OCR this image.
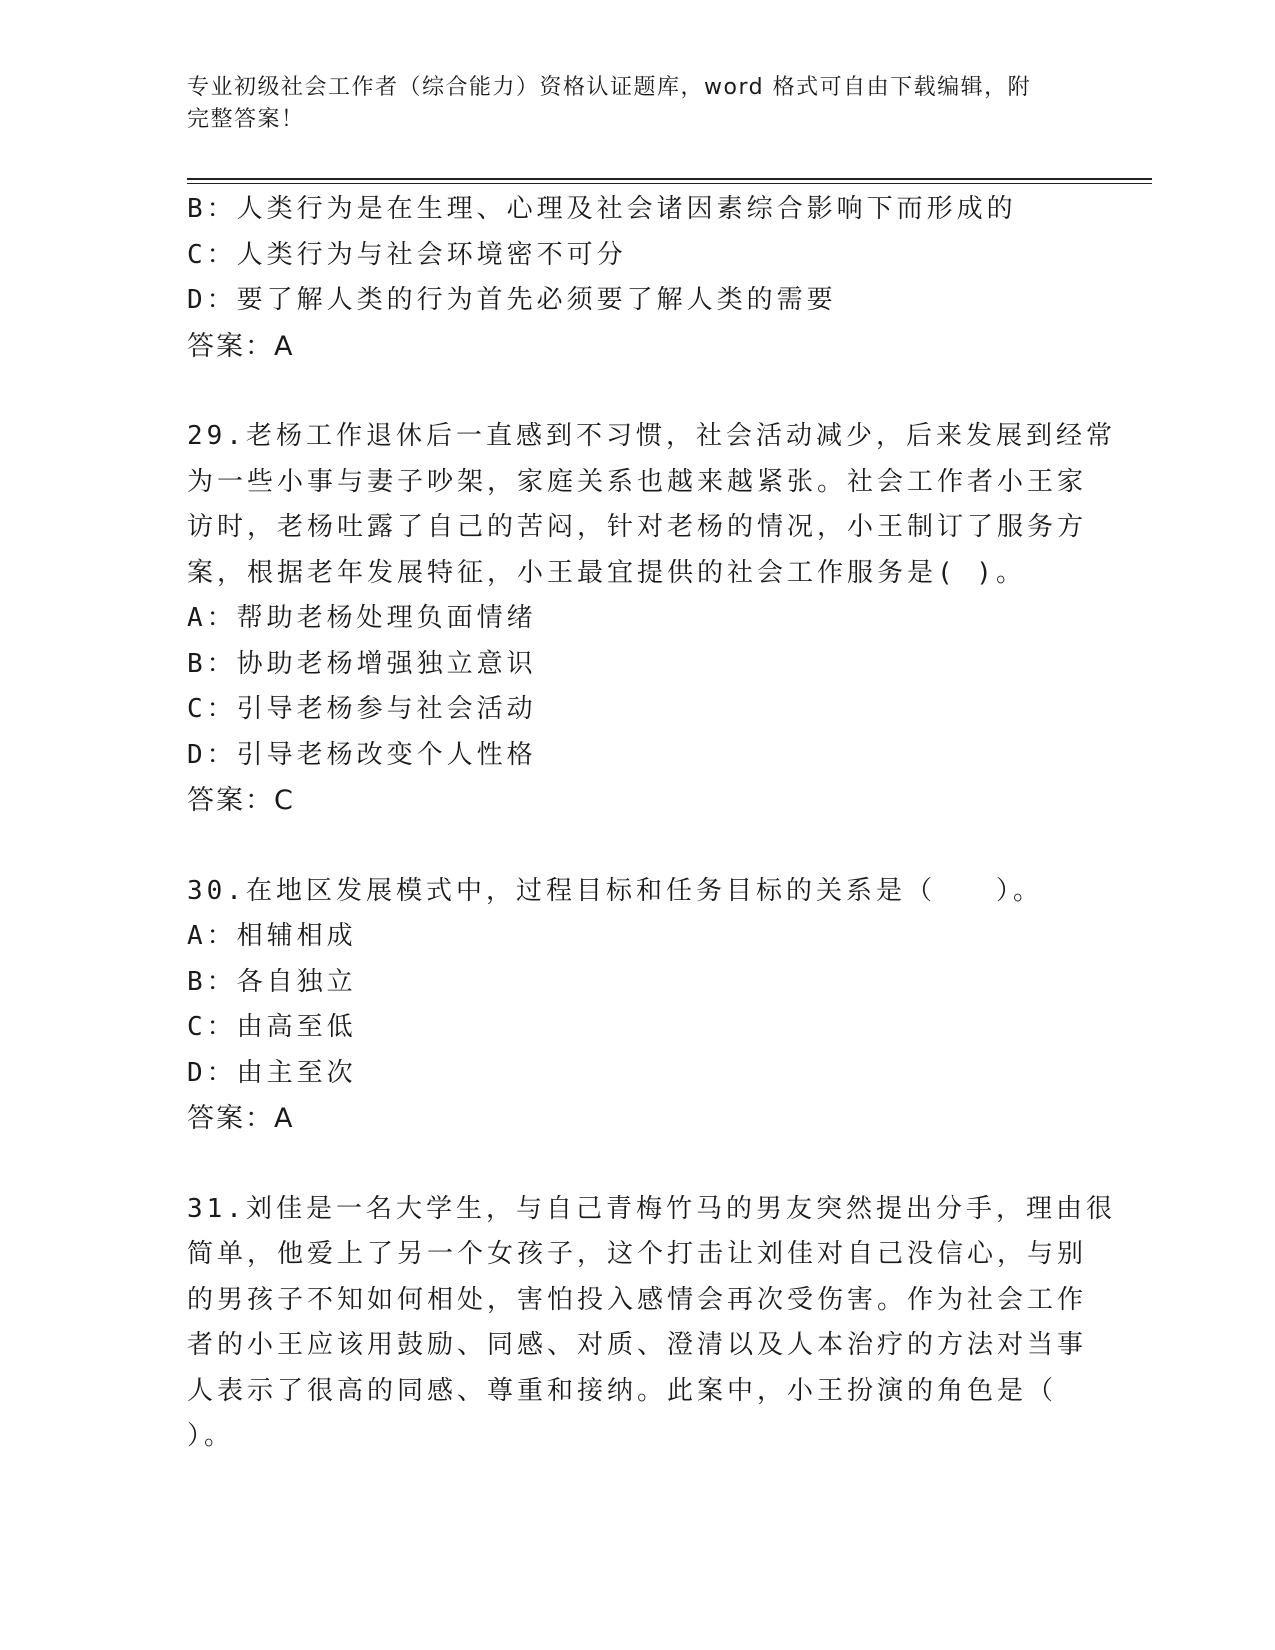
专业初级社会工作者（综合能力）资格认证题库，word 格式可自由下载编辑，附
完整答案！
B：人类行为是在生理、心理及社会诸因素综合影响下而形成的
C：人类行为与社会环境密不可分
D：要了解人类的行为首先必须要了解人类的需要
答案：A
29.老杨工作退休后一直感到不习惯，社会活动减少，后来发展到经常
为一些小事与妻子吵架，家庭关系也越来越紧张。社会工作者小王家
访时，老杨吐露了自己的苦闷，针对老杨的情况，小王制订了服务方
案，根据老年发展特征，小王最宜提供的社会工作服务是( )。
A：帮助老杨处理负面情绪
B：协助老杨增强独立意识
C：引导老杨参与社会活动
D：引导老杨改变个人性格
答案：C
30.在地区发展模式中，过程目标和任务目标的关系是（　　）。
A：相辅相成
B：各自独立
C：由高至低
D：由主至次
答案：A
31.刘佳是一名大学生，与自己青梅竹马的男友突然提出分手，理由很
简单，他爱上了另一个女孩子，这个打击让刘佳对自己没信心，与别
的男孩子不知如何相处，害怕投入感情会再次受伤害。作为社会工作
者的小王应该用鼓励、同感、对质、澄清以及人本治疗的方法对当事
人表示了很高的同感、尊重和接纳。此案中，小王扮演的角色是（
）。
